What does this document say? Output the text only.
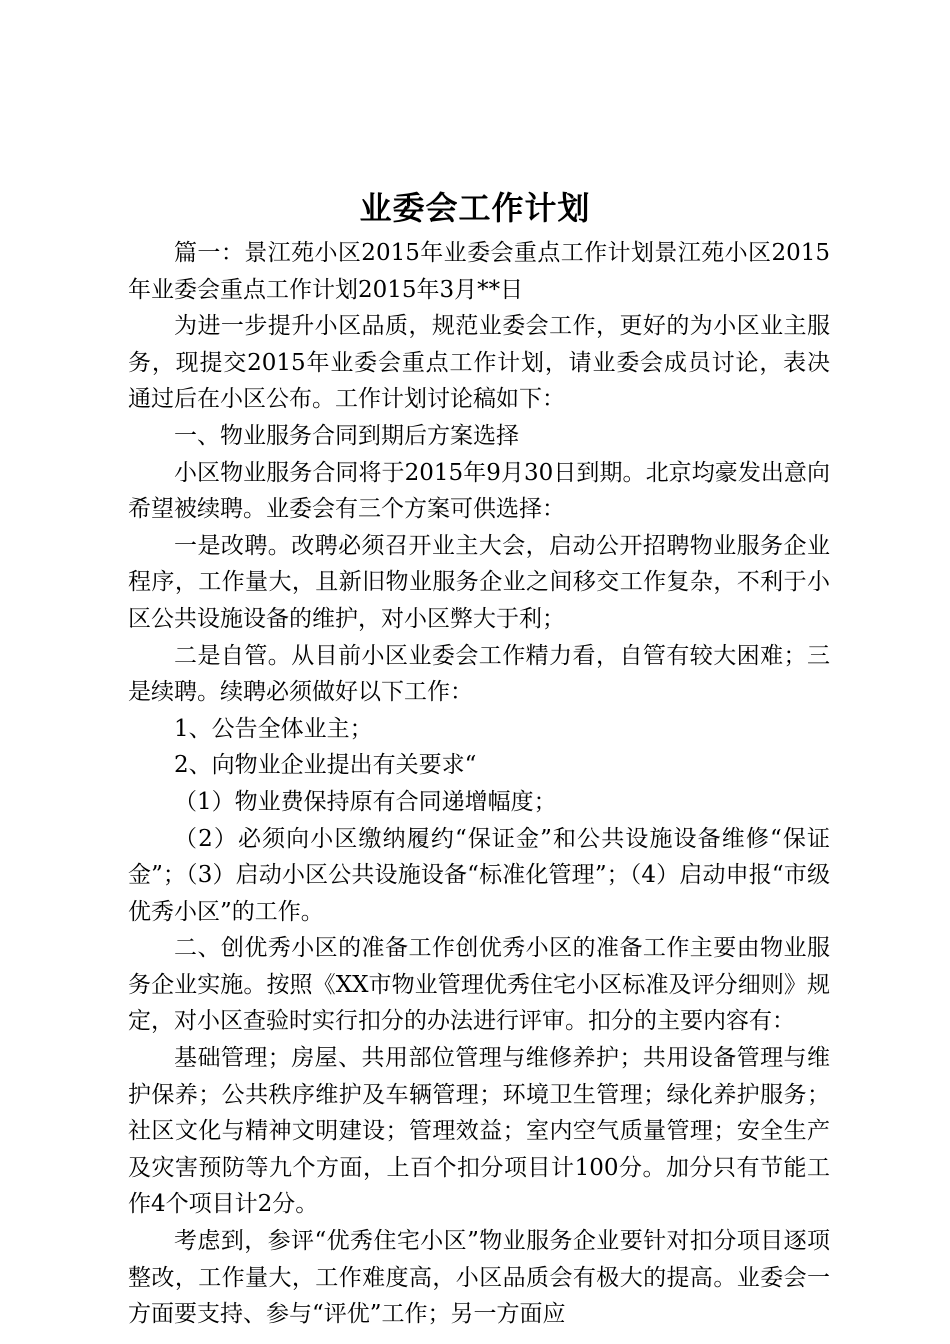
业委会工作计划

篇一：景江苑小区2015年业委会重点工作计划景江苑小区2015年业委会重点工作计划2015年3月**日

为进一步提升小区品质，规范业委会工作，更好的为小区业主服务，现提交2015年业委会重点工作计划，请业委会成员讨论，表决通过后在小区公布。工作计划讨论稿如下：

一、物业服务合同到期后方案选择

小区物业服务合同将于2015年9月30日到期。北京均豪发出意向希望被续聘。业委会有三个方案可供选择：

一是改聘。改聘必须召开业主大会，启动公开招聘物业服务企业程序，工作量大，且新旧物业服务企业之间移交工作复杂，不利于小区公共设施设备的维护，对小区弊大于利；

二是自管。从目前小区业委会工作精力看，自管有较大困难；三是续聘。续聘必须做好以下工作：

1、公告全体业主；

2、向物业企业提出有关要求“

（1）物业费保持原有合同递增幅度；

（2）必须向小区缴纳履约“保证金”和公共设施设备维修“保证金”；（3）启动小区公共设施设备“标准化管理”；（4）启动申报“市级优秀小区”的工作。

二、创优秀小区的准备工作创优秀小区的准备工作主要由物业服务企业实施。按照《XX市物业管理优秀住宅小区标准及评分细则》规定，对小区查验时实行扣分的办法进行评审。扣分的主要内容有：

基础管理；房屋、共用部位管理与维修养护；共用设备管理与维护保养；公共秩序维护及车辆管理；环境卫生管理；绿化养护服务；社区文化与精神文明建设；管理效益；室内空气质量管理；安全生产及灾害预防等九个方面，上百个扣分项目计100分。加分只有节能工作4个项目计2分。

考虑到，参评“优秀住宅小区”物业服务企业要针对扣分项目逐项整改，工作量大，工作难度高，小区品质会有极大的提高。业委会一方面要支持、参与“评优”工作；另一方面应
